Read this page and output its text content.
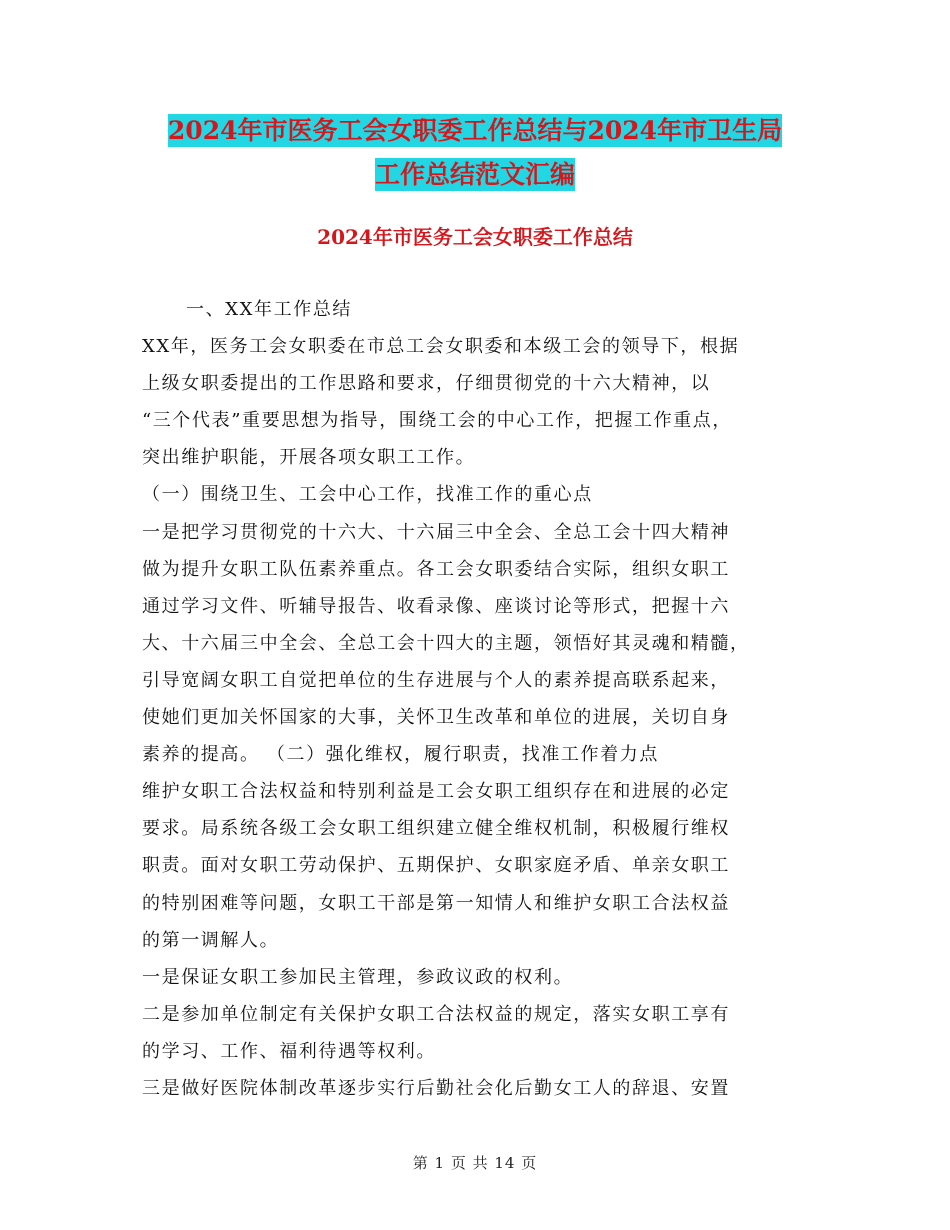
2024年市医务工会女职委工作总结与2024年市卫生局
工作总结范文汇编
2024年市医务工会女职委工作总结
一、XX年工作总结
XX年，医务工会女职委在市总工会女职委和本级工会的领导下，根据
上级女职委提出的工作思路和要求，仔细贯彻党的十六大精神，以
“三个代表”重要思想为指导，围绕工会的中心工作，把握工作重点，
突出维护职能，开展各项女职工工作。
（一）围绕卫生、工会中心工作，找准工作的重心点
一是把学习贯彻党的十六大、十六届三中全会、全总工会十四大精神
做为提升女职工队伍素养重点。各工会女职委结合实际，组织女职工
通过学习文件、听辅导报告、收看录像、座谈讨论等形式，把握十六
大、十六届三中全会、全总工会十四大的主题，领悟好其灵魂和精髓，
引导宽阔女职工自觉把单位的生存进展与个人的素养提高联系起来，
使她们更加关怀国家的大事，关怀卫生改革和单位的进展，关切自身
素养的提高。 （二）强化维权，履行职责，找准工作着力点
维护女职工合法权益和特别利益是工会女职工组织存在和进展的必定
要求。局系统各级工会女职工组织建立健全维权机制，积极履行维权
职责。面对女职工劳动保护、五期保护、女职家庭矛盾、单亲女职工
的特别困难等问题，女职工干部是第一知情人和维护女职工合法权益
的第一调解人。
一是保证女职工参加民主管理，参政议政的权利。
二是参加单位制定有关保护女职工合法权益的规定，落实女职工享有
的学习、工作、福利待遇等权利。
三是做好医院体制改革逐步实行后勤社会化后勤女工人的辞退、安置
第 1 页 共 14 页
